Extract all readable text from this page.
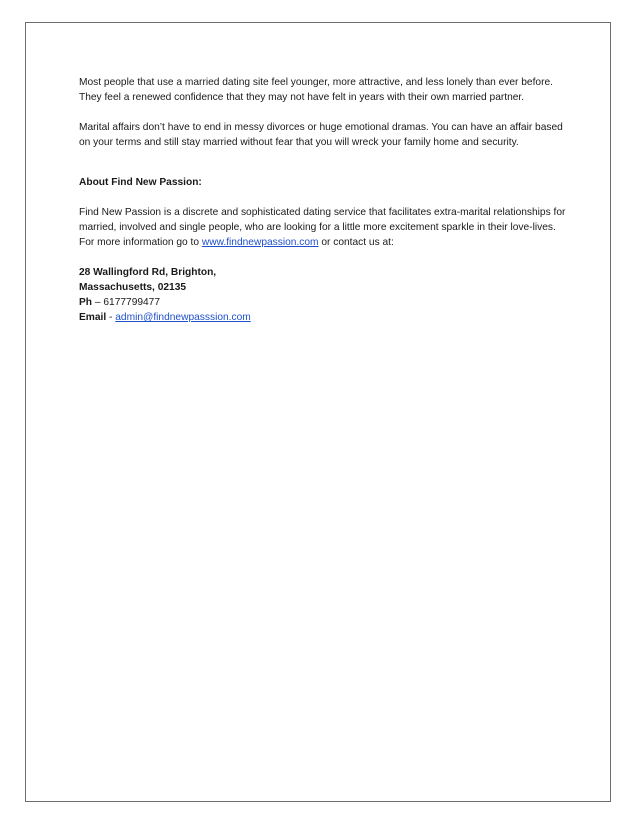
Most people that use a married dating site feel younger, more attractive, and less lonely than ever before. They feel a renewed confidence that they may not have felt in years with their own married partner.

Marital affairs don’t have to end in messy divorces or huge emotional dramas. You can have an affair based on your terms and still stay married without fear that you will wreck your family home and security.

About Find New Passion:

Find New Passion is a discrete and sophisticated dating service that facilitates extra-marital relationships for married, involved and single people, who are looking for a little more excitement sparkle in their love-lives. For more information go to www.findnewpassion.com or contact us at:

28 Wallingford Rd, Brighton,

Massachusetts, 02135

Ph – 6177799477

Email - admin@findnewpasssion.com
